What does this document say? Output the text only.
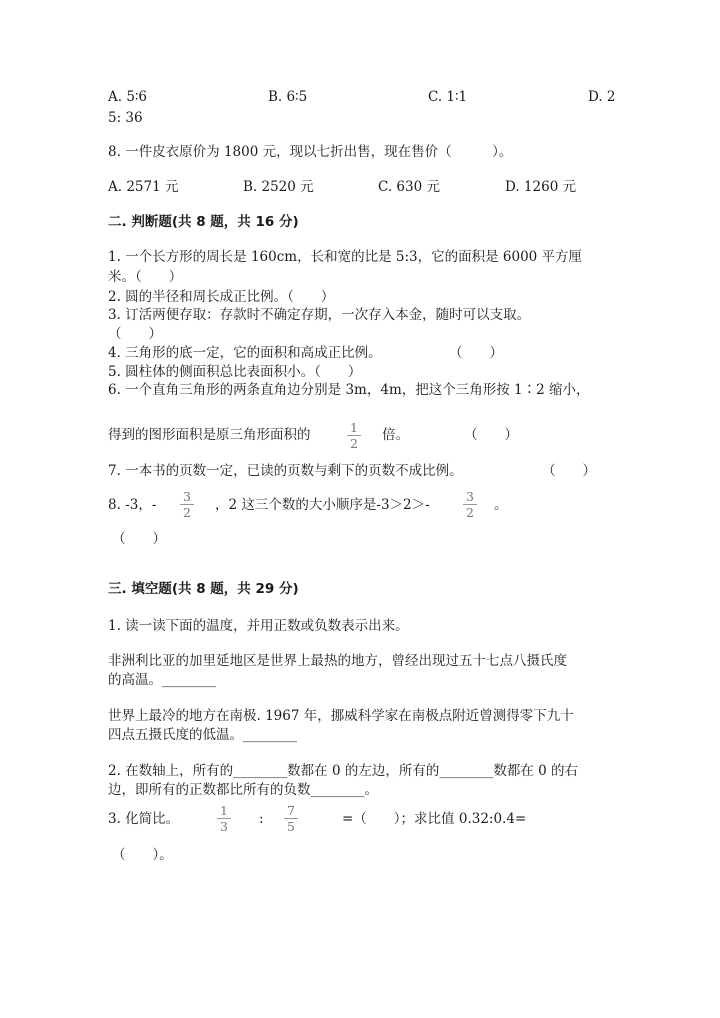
A. 5∶6	B. 6∶5	C. 1∶1	D. 2
5: 36
8. 一件皮衣原价为 1800 元，现以七折出售，现在售价（　　　）。
A. 2571 元	B. 2520 元	C. 630 元	D. 1260 元
二. 判断题(共 8 题，共 16 分)
1. 一个长方形的周长是 160cm，长和宽的比是 5:3，它的面积是 6000 平方厘
米。（　　）
2. 圆的半径和周长成正比例。（　　）
3. 订活两便存取：存款时不确定存期，一次存入本金，随时可以支取。
（　　）
4. 三角形的底一定，它的面积和高成正比例。	（　　）
5. 圆柱体的侧面积总比表面积小。（　　）
6. 一个直角三角形的两条直角边分别是 3m，4m，把这个三角形按 1∶2 缩小，
得到的图形面积是原三角形面积的	1
2
倍。	（　　）
7. 一本书的页数一定，已读的页数与剩下的页数不成比例。	（　　）
8. -3，-
3
2 ，2 这三个数的大小顺序是-3＞2＞-
3
2 。
（　　）
三. 填空题(共 8 题，共 29 分)
1. 读一读下面的温度，并用正数或负数表示出来。
非洲利比亚的加里延地区是世界上最热的地方，曾经出现过五十七点八摄氏度
的高温。________
世界上最冷的地方在南极. 1967 年，挪威科学家在南极点附近曾测得零下九十
四点五摄氏度的低温。________
2. 在数轴上，所有的________数都在 0 的左边，所有的________数都在 0 的右
边，即所有的正数都比所有的负数________。
3. 化简比。
1
3 :
7
5	=（　　）；求比值 0.32:0.4=
（　　）。
